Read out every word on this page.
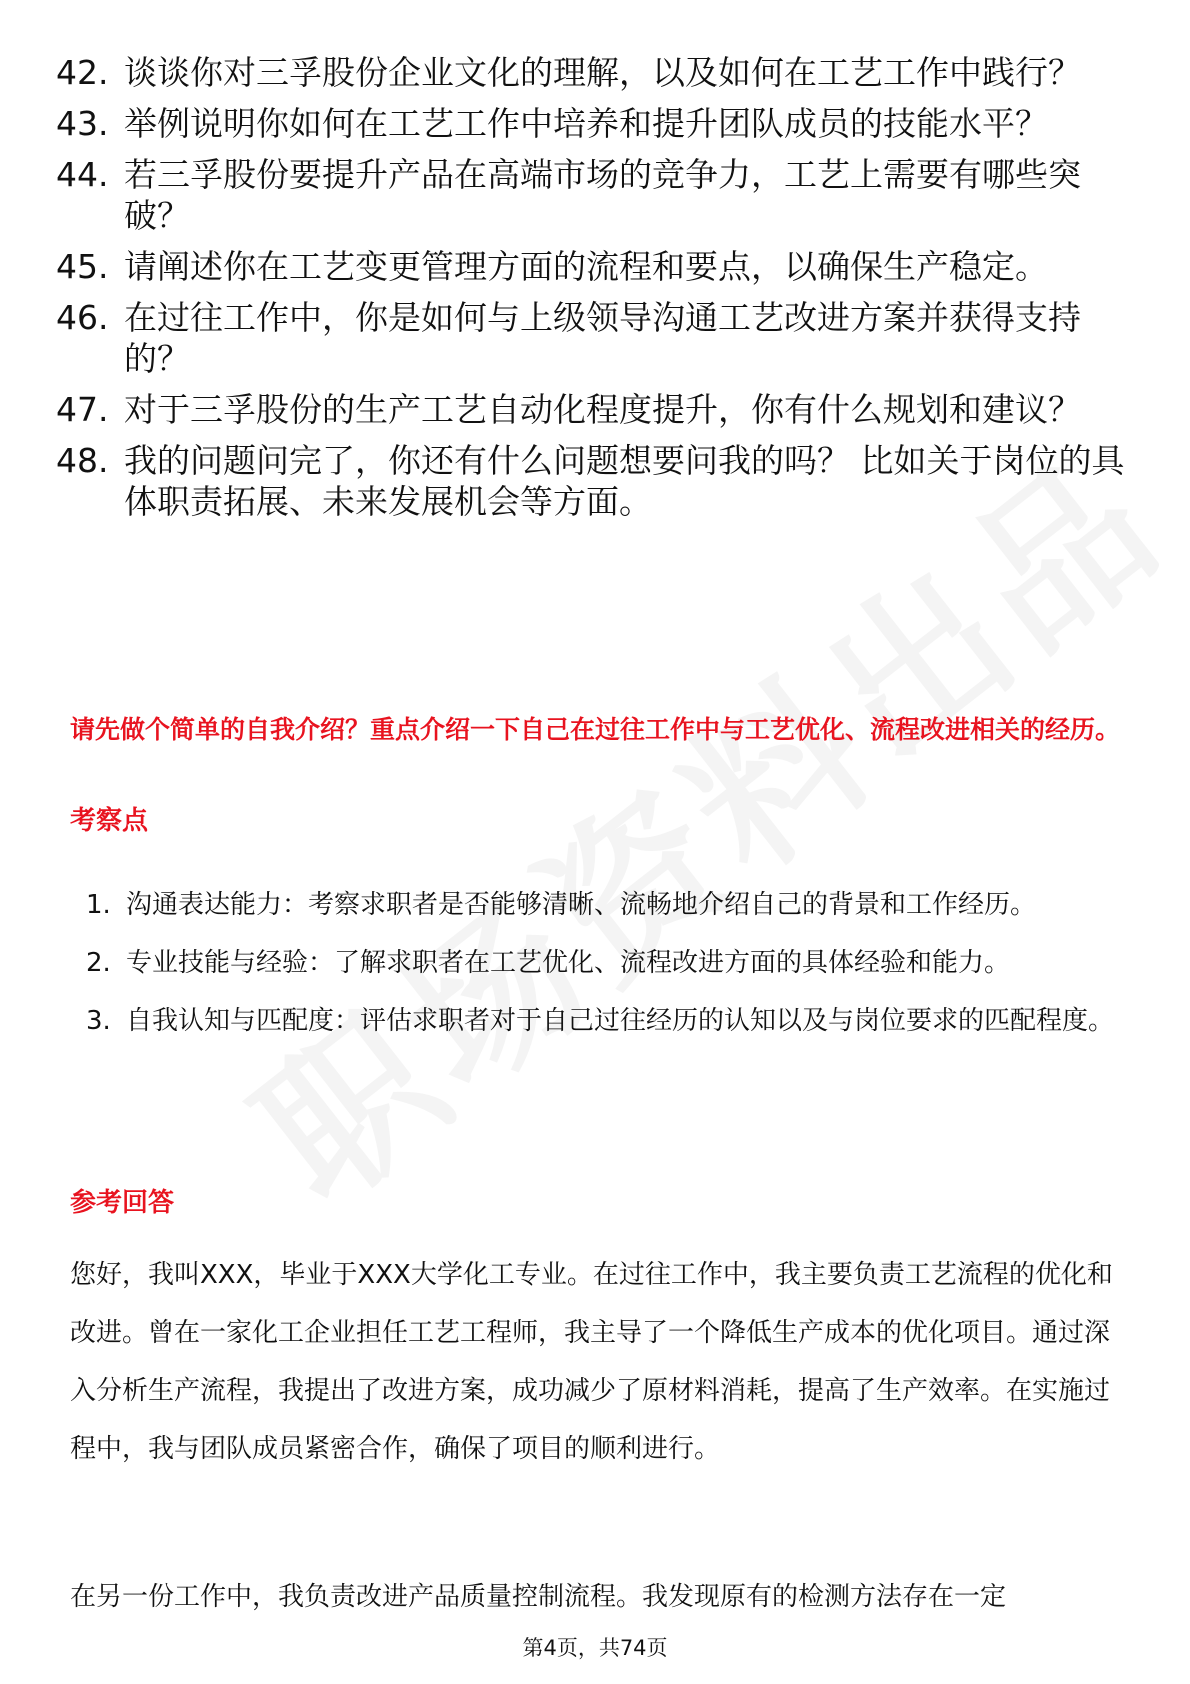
42. 谈谈你对三孚股份企业文化的理解，以及如何在工艺工作中践行？
43. 举例说明你如何在工艺工作中培养和提升团队成员的技能水平？
44. 若三孚股份要提升产品在高端市场的竞争力，工艺上需要有哪些突破？
45. 请阐述你在工艺变更管理方面的流程和要点，以确保生产稳定。
46. 在过往工作中，你是如何与上级领导沟通工艺改进方案并获得支持的？
47. 对于三孚股份的生产工艺自动化程度提升，你有什么规划和建议？
48. 我的问题问完了，你还有什么问题想要问我的吗？ 比如关于岗位的具体职责拓展、未来发展机会等方面。

请先做个简单的自我介绍？重点介绍一下自己在过往工作中与工艺优化、流程改进相关的经历。

考察点
1. 沟通表达能力：考察求职者是否能够清晰、流畅地介绍自己的背景和工作经历。
2. 专业技能与经验：了解求职者在工艺优化、流程改进方面的具体经验和能力。
3. 自我认知与匹配度：评估求职者对于自己过往经历的认知以及与岗位要求的匹配程度。
参考回答

您好，我叫XXX，毕业于XXX大学化工专业。在过往工作中，我主要负责工艺流程的优化和改进。曾在一家化工企业担任工艺工程师，我主导了一个降低生产成本的优化项目。通过深入分析生产流程，我提出了改进方案，成功减少了原材料消耗，提高了生产效率。在实施过程中，我与团队成员紧密合作，确保了项目的顺利进行。

在另一份工作中，我负责改进产品质量控制流程。我发现原有的检测方法存在一定

第4页，共74页
